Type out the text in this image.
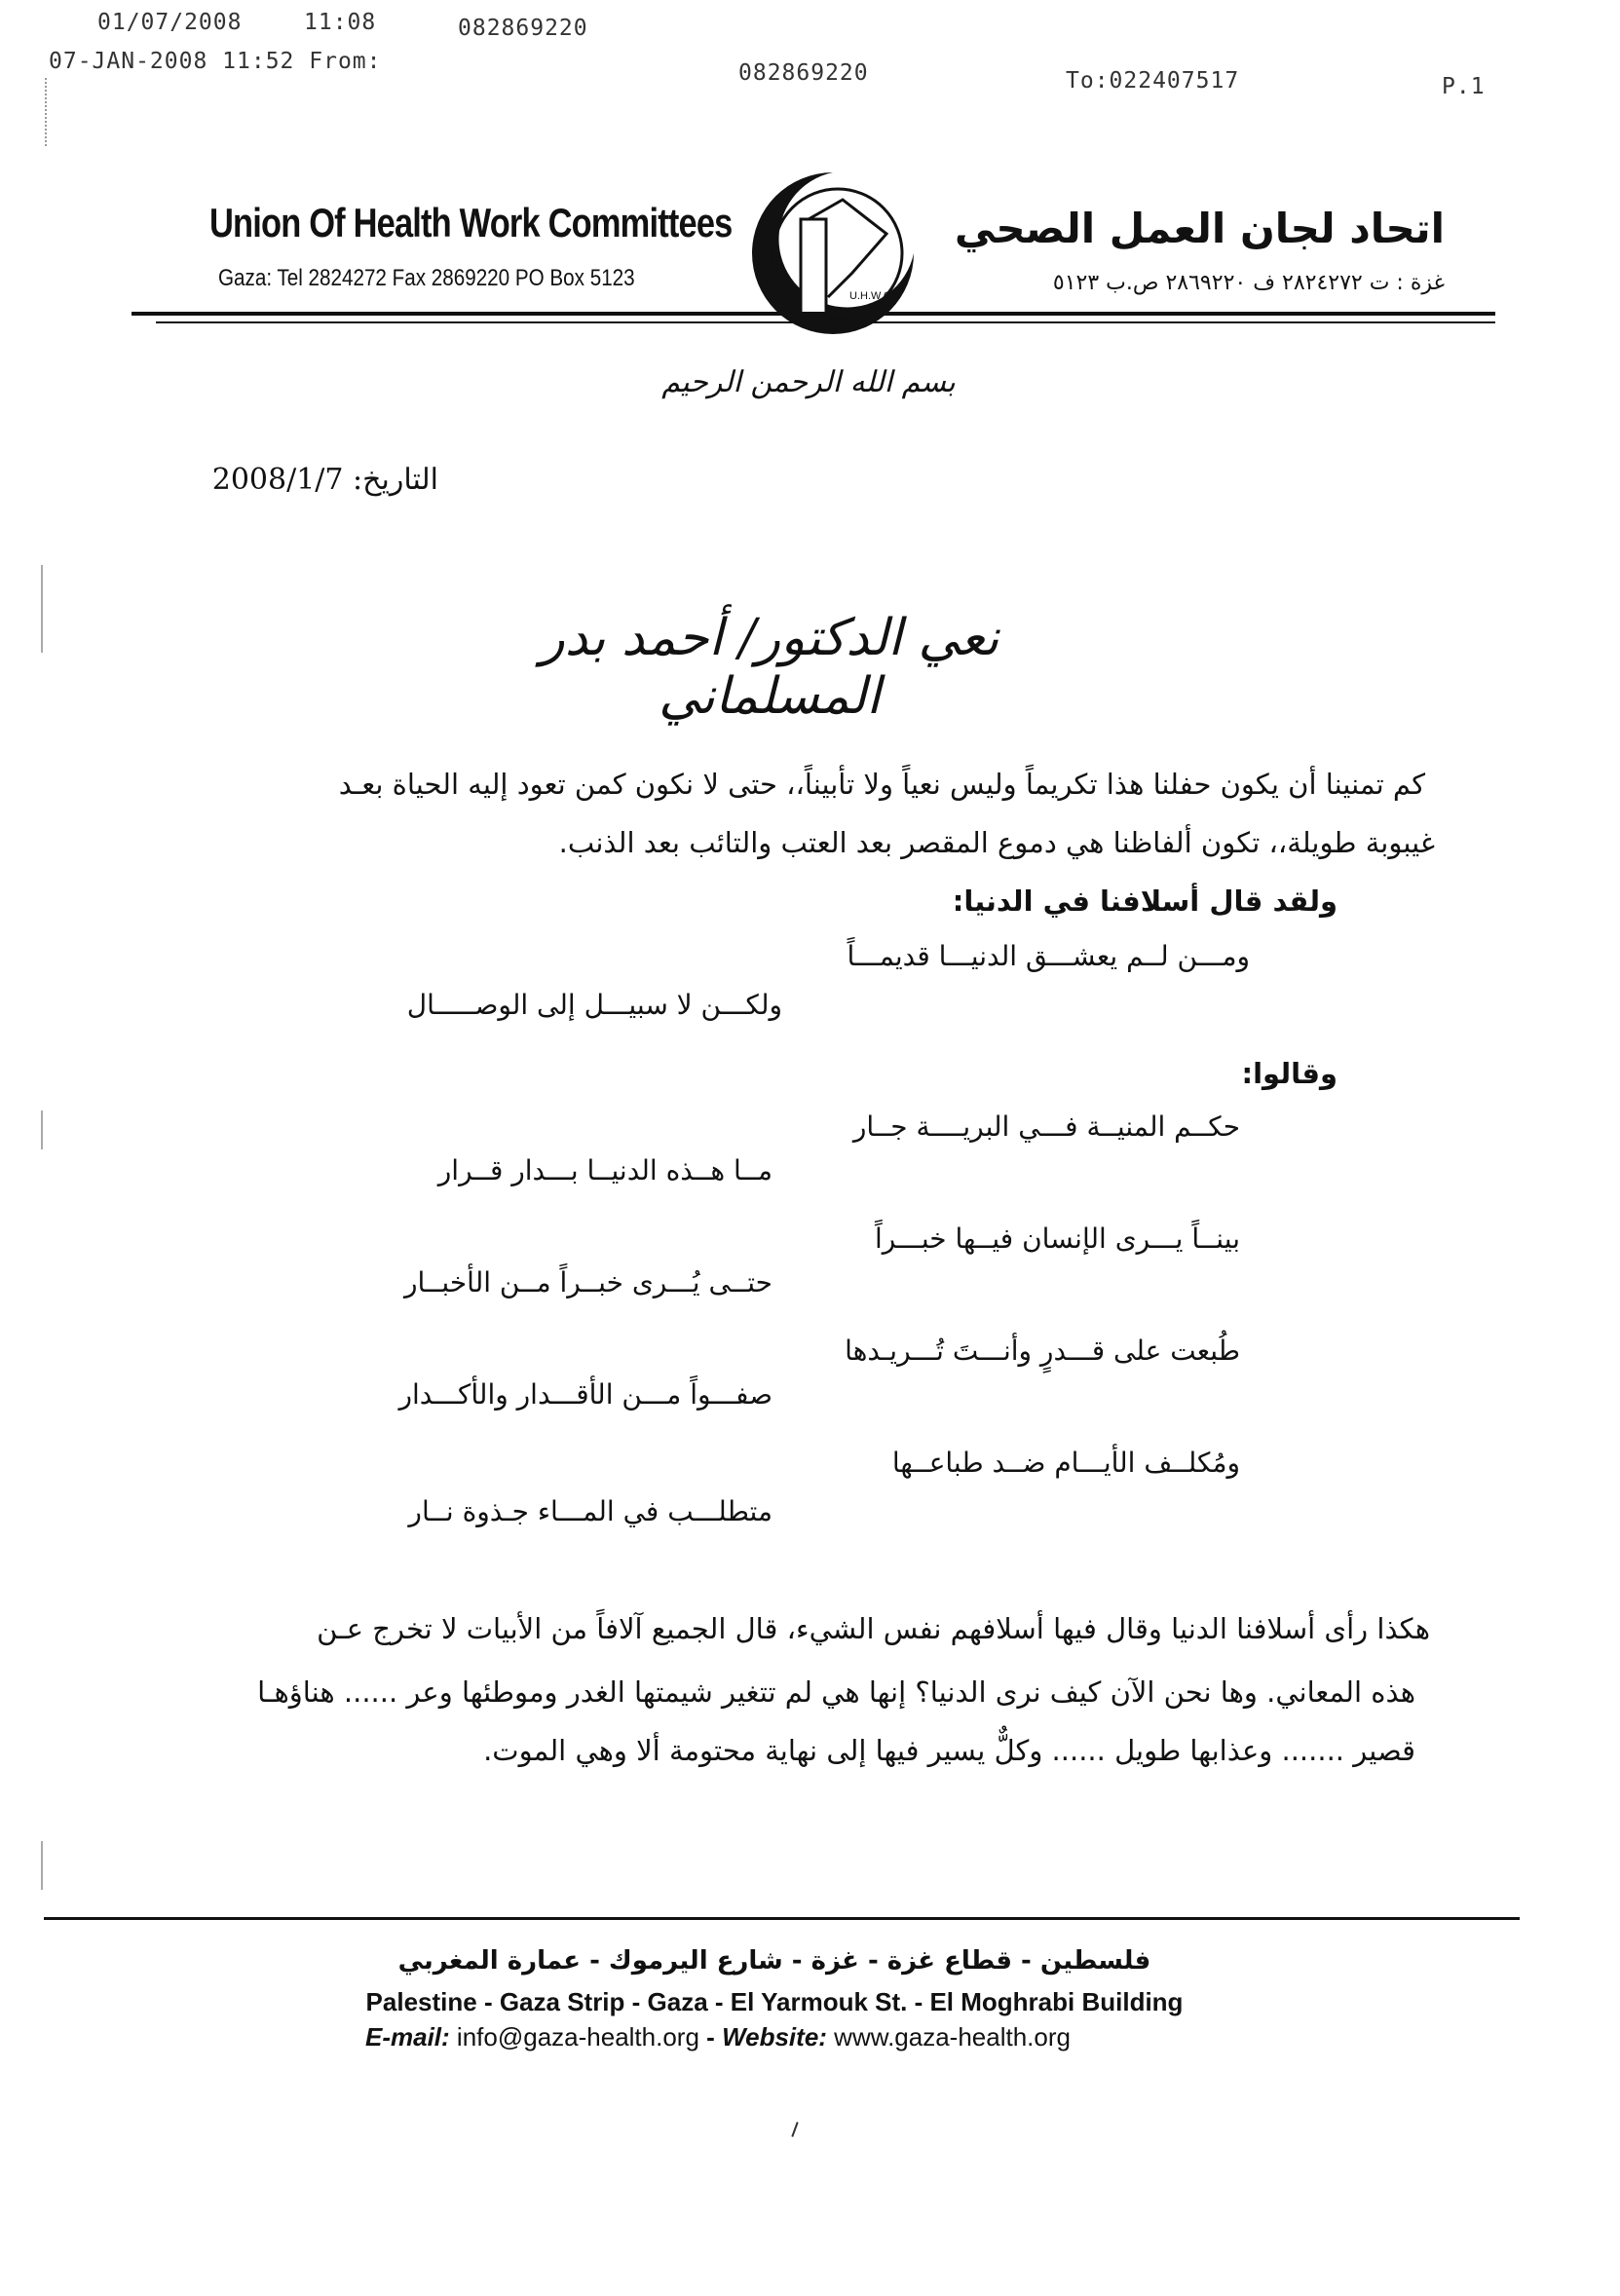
01/07/2008	11:08	082869220
07-JAN-2008 11:52 From:	082869220	To:022407517	P.1
Union Of Health Work Committees
Gaza: Tel 2824272 Fax 2869220 PO Box 5123
U.H.W.C
اتحاد لجان العمل الصحي
غزة : ت ٢٨٢٤٢٧٢ ف ٢٨٦٩٢٢٠ ص.ب ٥١٢٣
بسم الله الرحمن الرحيم
التاريخ: 2008/1/7
نعي الدكتور/ أحمد بدر المسلماني
كم تمنينا أن يكون حفلنا هذا تكريماً وليس نعياً ولا تأبيناً،، حتى لا نكون كمن تعود إليه الحياة بعـد
غيبوبة طويلة،، تكون ألفاظنا هي دموع المقصر بعد العتب والتائب بعد الذنب.
ولقد قال أسلافنا في الدنيا:
ومـــن لــم يعشـــق الدنيـــا قديمـــاً
ولكـــن لا سبيـــل إلى الوصـــــال
وقالوا:
حكــم المنيــة فـــي البريــــة جــار
مــا هــذه الدنيــا بـــدار قــرار
بينــاً يـــرى الإنسان فيــها خبـــراً
حتــى يُـــرى خبــراً مــن الأخبــار
طُبعت على قـــدرٍ وأنـــتَ تُـــريـدها
صفـــواً مـــن الأقـــدار والأكـــدار
ومُكلــف الأيـــام ضــد طباعــها
متطلـــب في المـــاء جـذوة نــار
هكذا رأى أسلافنا الدنيا وقال فيها أسلافهم نفس الشيء، قال الجميع آلافاً من الأبيات لا تخرج عـن
هذه المعاني. وها نحن الآن كيف نرى الدنيا؟ إنها هي لم تتغير شيمتها الغدر وموطئها وعر ...... هناؤهـا
قصير ....... وعذابها طويل ...... وكلٌّ يسير فيها إلى نهاية محتومة ألا وهي الموت.
فلسطين - قطاع غزة - غزة - شارع اليرموك - عمارة المغربي
Palestine - Gaza Strip - Gaza - El Yarmouk St. - El Moghrabi Building
E-mail: info@gaza-health.org - Website: www.gaza-health.org
